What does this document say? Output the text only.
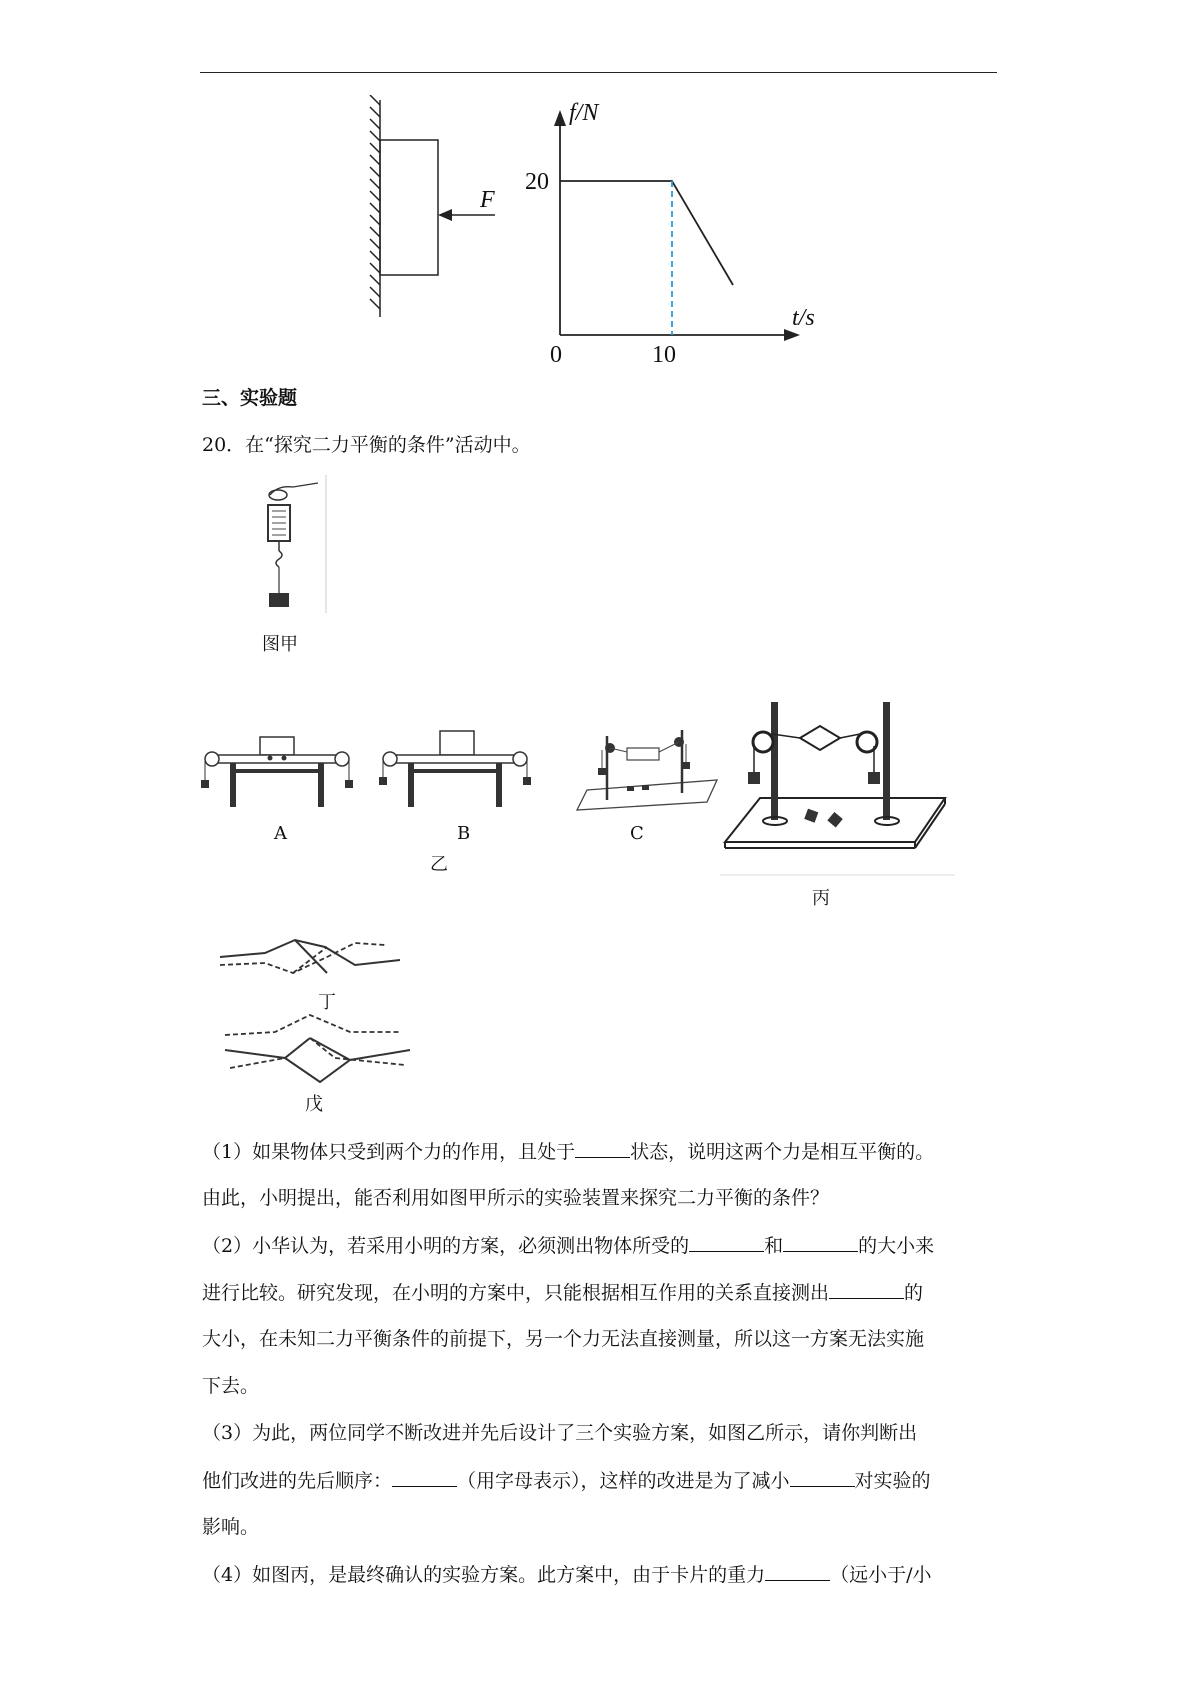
F
f/N
t/s
20
0	10
三、实验题
20．在“探究二力平衡的条件”活动中。
图甲
A	B
乙
C
丙
丁
戊
（1）如果物体只受到两个力的作用，且处于	状态，说明这两个力是相互平衡的。
由此，小明提出，能否利用如图甲所示的实验装置来探究二力平衡的条件？
（2）小华认为，若采用小明的方案，必须测出物体所受的	和	的大小来
进行比较。研究发现，在小明的方案中，只能根据相互作用的关系直接测出	的
大小，在未知二力平衡条件的前提下，另一个力无法直接测量，所以这一方案无法实施
下去。
（3）为此，两位同学不断改进并先后设计了三个实验方案，如图乙所示，请你判断出
他们改进的先后顺序：	（用字母表示），这样的改进是为了减小	对实验的
影响。
（4）如图丙，是最终确认的实验方案。此方案中，由于卡片的重力	（远小于/小
